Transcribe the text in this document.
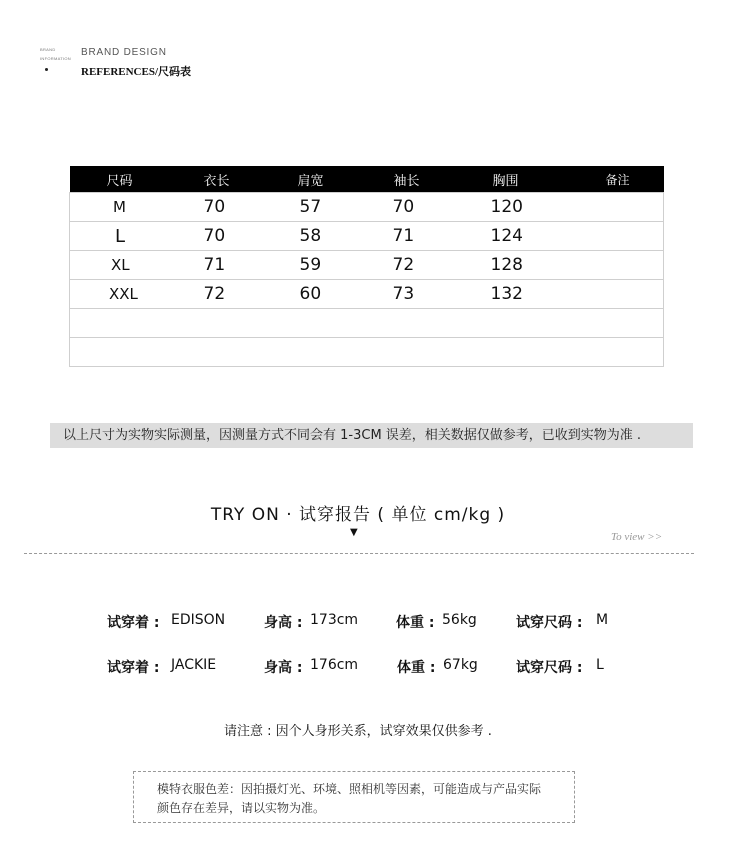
BRAND
INFORMATION
BRAND DESIGN
REFERENCES/尺码表
尺码	衣长	肩宽	袖长	胸围	备注
M	70	57	70	120	
L	70	58	71	124	
XL	71	59	72	128	
XXL	72	60	73	132	

以上尺寸为实物实际测量，因测量方式不同会有 1-3CM 误差，相关数据仅做参考，已收到实物为准 .
TRY ON · 试穿报告 ( 单位 cm/kg )
▼	To view >>
试穿着 : EDISON	身高 : 173cm	体重 : 56kg	试穿尺码 : M
试穿着 : JACKIE	身高 : 176cm	体重 : 67kg	试穿尺码 : L
请注意 : 因个人身形关系，试穿效果仅供参考 .
模特衣服色差：因拍摄灯光、环境、照相机等因素，可能造成与产品实际
颜色存在差异，请以实物为准。
